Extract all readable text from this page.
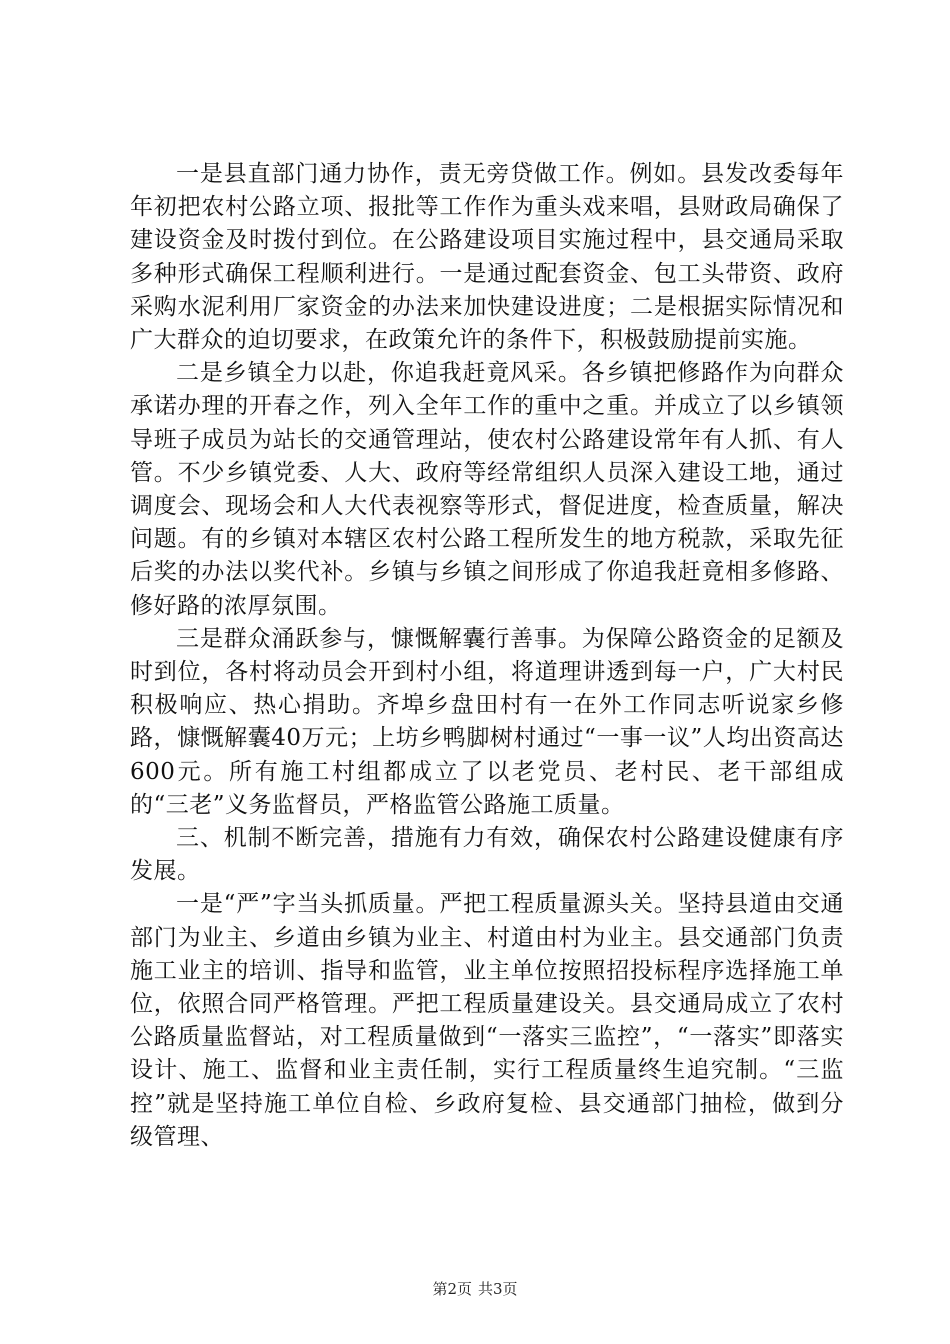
一是县直部门通力协作，责无旁贷做工作。例如。县发改委每年年初把农村公路立项、报批等工作作为重头戏来唱，县财政局确保了建设资金及时拨付到位。在公路建设项目实施过程中，县交通局采取多种形式确保工程顺利进行。一是通过配套资金、包工头带资、政府采购水泥利用厂家资金的办法来加快建设进度；二是根据实际情况和广大群众的迫切要求，在政策允许的条件下，积极鼓励提前实施。

二是乡镇全力以赴，你追我赶竟风采。各乡镇把修路作为向群众承诺办理的开春之作，列入全年工作的重中之重。并成立了以乡镇领导班子成员为站长的交通管理站，使农村公路建设常年有人抓、有人管。不少乡镇党委、人大、政府等经常组织人员深入建设工地，通过调度会、现场会和人大代表视察等形式，督促进度，检查质量，解决问题。有的乡镇对本辖区农村公路工程所发生的地方税款，采取先征后奖的办法以奖代补。乡镇与乡镇之间形成了你追我赶竟相多修路、修好路的浓厚氛围。

三是群众涌跃参与，慷慨解囊行善事。为保障公路资金的足额及时到位，各村将动员会开到村小组，将道理讲透到每一户，广大村民积极响应、热心捐助。齐埠乡盘田村有一在外工作同志听说家乡修路，慷慨解囊40万元；上坊乡鸭脚树村通过“一事一议”人均出资高达600元。所有施工村组都成立了以老党员、老村民、老干部组成的“三老”义务监督员，严格监管公路施工质量。

三、机制不断完善，措施有力有效，确保农村公路建设健康有序发展。

一是“严”字当头抓质量。严把工程质量源头关。坚持县道由交通部门为业主、乡道由乡镇为业主、村道由村为业主。县交通部门负责施工业主的培训、指导和监管，业主单位按照招投标程序选择施工单位，依照合同严格管理。严把工程质量建设关。县交通局成立了农村公路质量监督站，对工程质量做到“一落实三监控”，“一落实”即落实设计、施工、监督和业主责任制，实行工程质量终生追究制。“三监控”就是坚持施工单位自检、乡政府复检、县交通部门抽检，做到分级管理、

第2页 共3页
